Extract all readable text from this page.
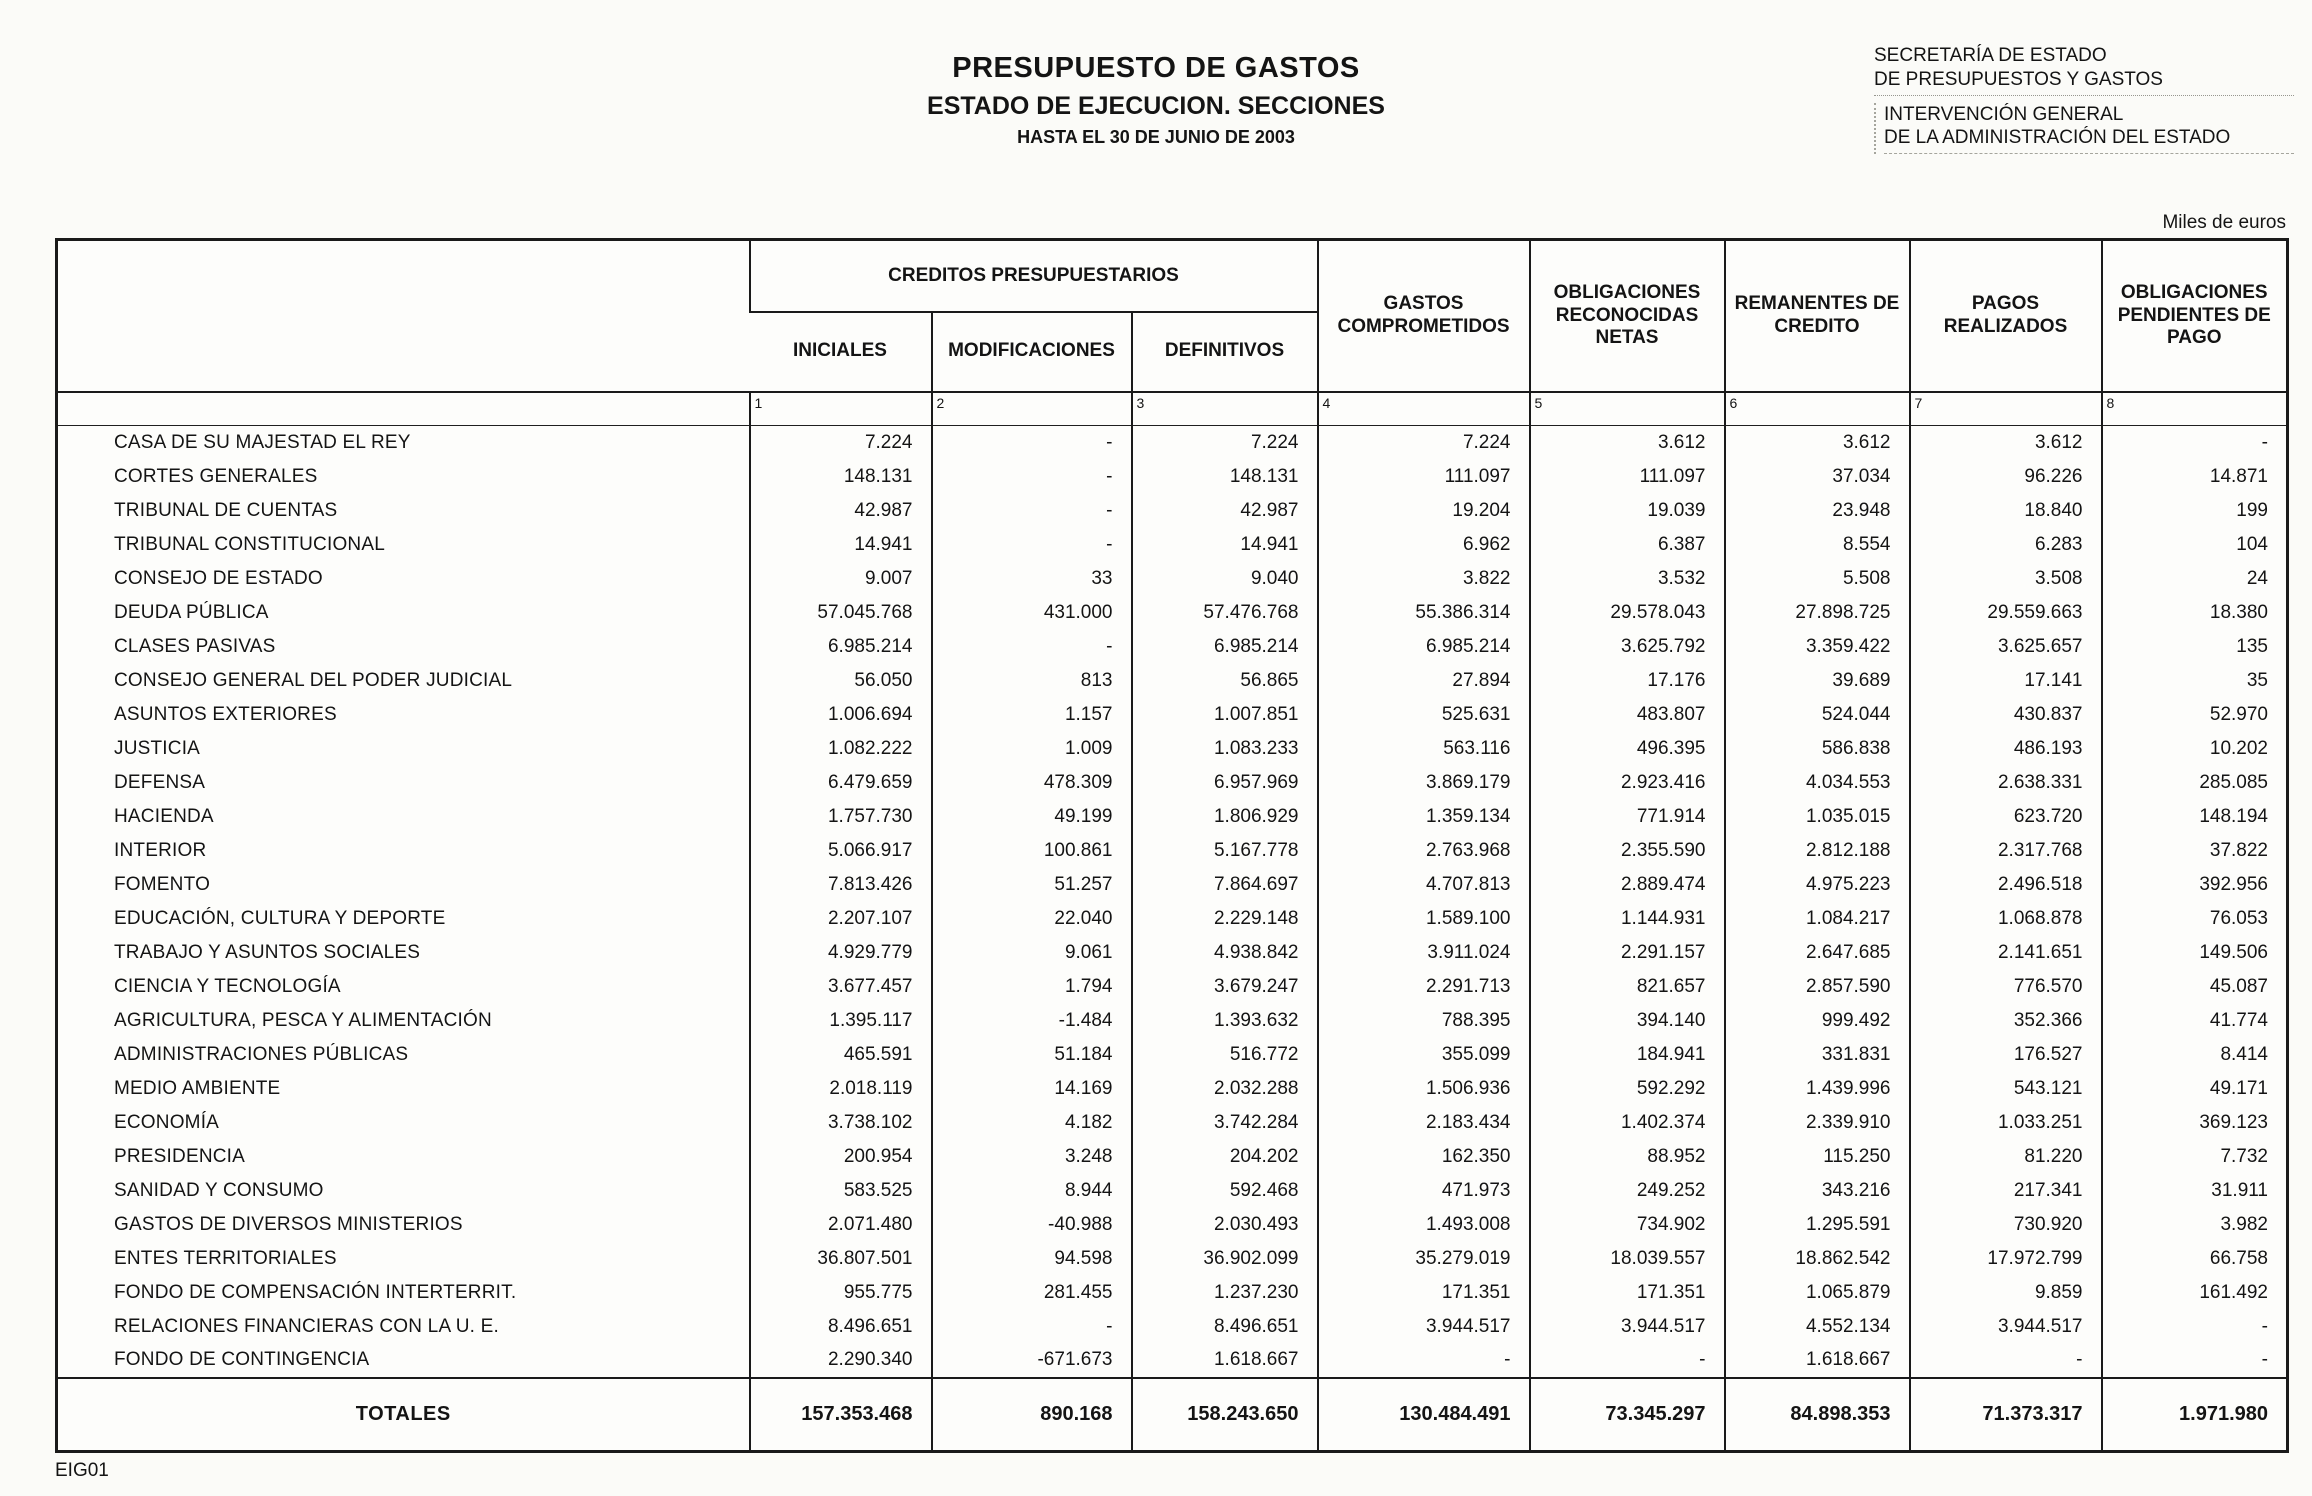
PRESUPUESTO DE GASTOS
ESTADO DE EJECUCION. SECCIONES
HASTA EL 30 DE JUNIO DE 2003
SECRETARÍA DE ESTADO
DE PRESUPUESTOS Y GASTOS
INTERVENCIÓN GENERAL
DE LA ADMINISTRACIÓN DEL ESTADO
Miles de euros
	CREDITOS PRESUPUESTARIOS			GASTOS COMPROMETIDOS	OBLIGACIONES RECONOCIDAS NETAS	REMANENTES DE CREDITO	PAGOS REALIZADOS	OBLIGACIONES PENDIENTES DE PAGO
	INICIALES	MODIFICACIONES	DEFINITIVOS					
	1	2	3	4	5	6	7	8
CASA DE SU MAJESTAD EL REY	7.224	-	7.224	7.224	3.612	3.612	3.612	-
CORTES GENERALES	148.131	-	148.131	111.097	111.097	37.034	96.226	14.871
TRIBUNAL DE CUENTAS	42.987	-	42.987	19.204	19.039	23.948	18.840	199
TRIBUNAL CONSTITUCIONAL	14.941	-	14.941	6.962	6.387	8.554	6.283	104
CONSEJO DE ESTADO	9.007	33	9.040	3.822	3.532	5.508	3.508	24
DEUDA PÚBLICA	57.045.768	431.000	57.476.768	55.386.314	29.578.043	27.898.725	29.559.663	18.380
CLASES PASIVAS	6.985.214	-	6.985.214	6.985.214	3.625.792	3.359.422	3.625.657	135
CONSEJO GENERAL DEL PODER JUDICIAL	56.050	813	56.865	27.894	17.176	39.689	17.141	35
ASUNTOS EXTERIORES	1.006.694	1.157	1.007.851	525.631	483.807	524.044	430.837	52.970
JUSTICIA	1.082.222	1.009	1.083.233	563.116	496.395	586.838	486.193	10.202
DEFENSA	6.479.659	478.309	6.957.969	3.869.179	2.923.416	4.034.553	2.638.331	285.085
HACIENDA	1.757.730	49.199	1.806.929	1.359.134	771.914	1.035.015	623.720	148.194
INTERIOR	5.066.917	100.861	5.167.778	2.763.968	2.355.590	2.812.188	2.317.768	37.822
FOMENTO	7.813.426	51.257	7.864.697	4.707.813	2.889.474	4.975.223	2.496.518	392.956
EDUCACIÓN, CULTURA Y DEPORTE	2.207.107	22.040	2.229.148	1.589.100	1.144.931	1.084.217	1.068.878	76.053
TRABAJO Y ASUNTOS SOCIALES	4.929.779	9.061	4.938.842	3.911.024	2.291.157	2.647.685	2.141.651	149.506
CIENCIA Y TECNOLOGÍA	3.677.457	1.794	3.679.247	2.291.713	821.657	2.857.590	776.570	45.087
AGRICULTURA, PESCA Y ALIMENTACIÓN	1.395.117	-1.484	1.393.632	788.395	394.140	999.492	352.366	41.774
ADMINISTRACIONES PÚBLICAS	465.591	51.184	516.772	355.099	184.941	331.831	176.527	8.414
MEDIO AMBIENTE	2.018.119	14.169	2.032.288	1.506.936	592.292	1.439.996	543.121	49.171
ECONOMÍA	3.738.102	4.182	3.742.284	2.183.434	1.402.374	2.339.910	1.033.251	369.123
PRESIDENCIA	200.954	3.248	204.202	162.350	88.952	115.250	81.220	7.732
SANIDAD Y CONSUMO	583.525	8.944	592.468	471.973	249.252	343.216	217.341	31.911
GASTOS DE DIVERSOS MINISTERIOS	2.071.480	-40.988	2.030.493	1.493.008	734.902	1.295.591	730.920	3.982
ENTES TERRITORIALES	36.807.501	94.598	36.902.099	35.279.019	18.039.557	18.862.542	17.972.799	66.758
FONDO DE COMPENSACIÓN INTERTERRIT.	955.775	281.455	1.237.230	171.351	171.351	1.065.879	9.859	161.492
RELACIONES FINANCIERAS CON LA U. E.	8.496.651	-	8.496.651	3.944.517	3.944.517	4.552.134	3.944.517	-
FONDO DE CONTINGENCIA	2.290.340	-671.673	1.618.667	-	-	1.618.667	-	-
TOTALES	157.353.468	890.168	158.243.650	130.484.491	73.345.297	84.898.353	71.373.317	1.971.980
EIG01
